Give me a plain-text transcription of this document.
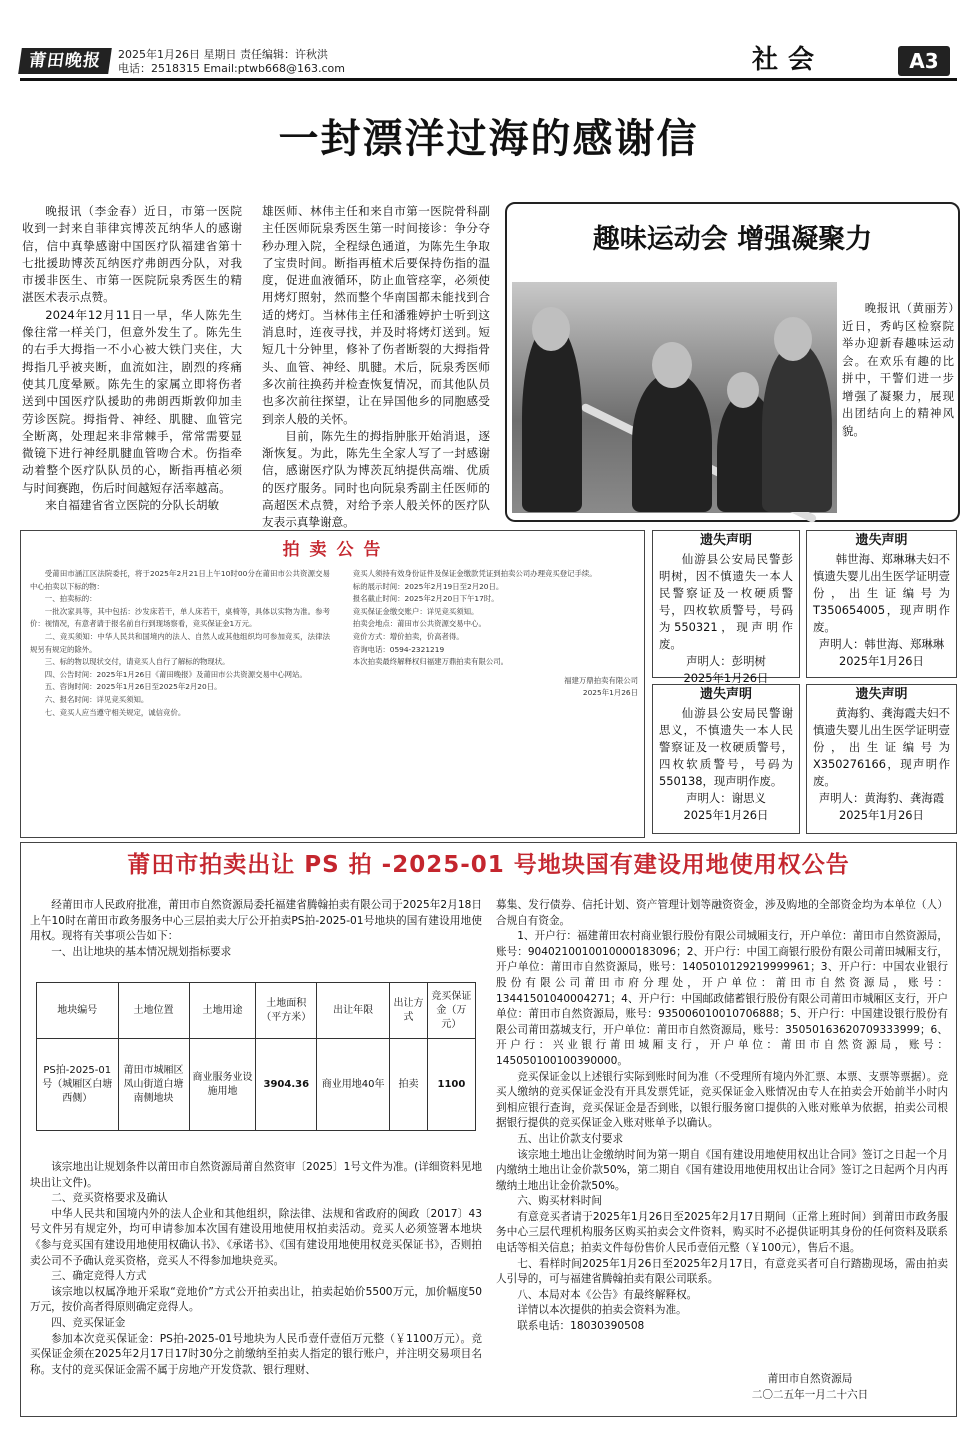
莆田晚报	2025年1月26日 星期日 责任编辑：许秋洪
电话：2518315 Email:ptwb668@163.com	社会	A3
一封漂洋过海的感谢信

晚报讯（李金春）近日，市第一医院收到一封来自菲律宾博茨瓦纳华人的感谢信，信中真挚感谢中国医疗队福建省第十七批援助博茨瓦纳医疗弗朗西分队，对我市援非医生、市第一医院阮泉秀医生的精湛医术表示点赞。

2024年12月11日一早，华人陈先生像往常一样关门，但意外发生了。陈先生的右手大拇指一不小心被大铁门夹住，大拇指几乎被夹断，血流如注，剧烈的疼痛使其几度晕厥。陈先生的家属立即将伤者送到中国医疗队援助的弗朗西斯敦仰加圭劳诊医院。拇指骨、神经、肌腱、血管完全断离，处理起来非常棘手，常常需要显微镜下进行神经肌腱血管吻合术。伤指牵动着整个医疗队队员的心，断指再植必须与时间赛跑，伤后时间越短存活率越高。

来自福建省省立医院的分队长胡敏

雄医师、林伟主任和来自市第一医院骨科副主任医师阮泉秀医生第一时间接诊：争分夺秒办理入院，全程绿色通道，为陈先生争取了宝贵时间。断指再植术后要保持伤指的温度，促进血液循环，防止血管痉挛，必须使用烤灯照射，然而整个华南国都未能找到合适的烤灯。当林伟主任和潘雅婷护士听到这消息时，连夜寻找，并及时将烤灯送到。短短几十分钟里，修补了伤者断裂的大拇指骨头、血管、神经、肌腱。术后，阮泉秀医师多次前往换药并检查恢复情况，而其他队员也多次前往探望，让在异国他乡的同胞感受到亲人般的关怀。

目前，陈先生的拇指肿胀开始消退，逐渐恢复。为此，陈先生全家人写了一封感谢信，感谢医疗队为博茨瓦纳提供高端、优质的医疗服务。同时也向阮泉秀副主任医师的高超医术点赞，对给予亲人般关怀的医疗队友表示真挚谢意。

趣味运动会 增强凝聚力

晚报讯（黄丽芳）近日，秀屿区检察院举办迎新春趣味运动会。在欢乐有趣的比拼中，干警们进一步增强了凝聚力，展现出团结向上的精神风貌。

拍 卖 公 告

受莆田市涵江区法院委托，将于2025年2月21日上午10时00分在莆田市公共资源交易中心拍卖以下标的物：

一、拍卖标的：

一批次家具等，其中包括：沙发床若干，单人床若干，桌椅等，具体以实物为准。参考价：视情况，有意者请于报名前自行到现场察看，竞买保证金1万元。

二、竞买须知：中华人民共和国境内的法人、自然人或其他组织均可参加竞买，法律法规另有规定的除外。

三、标的物以现状交付，请竞买人自行了解标的物现状。

四、公告时间：2025年1月26日《莆田晚报》及莆田市公共资源交易中心网站。

五、咨询时间：2025年1月26日至2025年2月20日。

六、报名时间：详见竞买须知。

七、竞买人应当遵守相关规定，诚信竞价。

竞买人须持有效身份证件及保证金缴款凭证到拍卖公司办理竞买登记手续。

标的展示时间：2025年2月19日至2月20日。

报名截止时间：2025年2月20日下午17时。

竞买保证金缴交账户：详见竞买须知。

拍卖会地点：莆田市公共资源交易中心。

竞价方式：增价拍卖，价高者得。

咨询电话：0594-2321219

本次拍卖最终解释权归福建万鼎拍卖有限公司。

福建万鼎拍卖有限公司
2025年1月26日
遗失声明
仙游县公安局民警彭明树，因不慎遗失一本人民警察证及一枚硬质警号，四枚软质警号，号码为550321，现声明作废。
声明人：彭明树
2025年1月26日
遗失声明
韩世海、郑琳琳夫妇不慎遗失婴儿出生医学证明壹份，出生证编号为T350654005，现声明作废。
声明人：韩世海、郑琳琳
2025年1月26日
遗失声明
仙游县公安局民警谢思义，不慎遗失一本人民警察证及一枚硬质警号，四枚软质警号，号码为550138，现声明作废。
声明人：谢思义
2025年1月26日
遗失声明
黄海豹、龚海霞夫妇不慎遗失婴儿出生医学证明壹份，出生证编号为X350276166，现声明作废。
声明人：黄海豹、龚海霞
2025年1月26日
莆田市拍卖出让 PS 拍 -2025-01 号地块国有建设用地使用权公告

经莆田市人民政府批准，莆田市自然资源局委托福建省腾翰拍卖有限公司于2025年2月18日上午10时在莆田市政务服务中心三层拍卖大厅公开拍卖PS拍-2025-01号地块的国有建设用地使用权。现将有关事项公告如下：

一、出让地块的基本情况规划指标要求

地块编号	土地位置	土地用途	土地面积（平方米）	出让年限	出让方式	竞买保证金（万元）
PS拍-2025-01号（城厢区白塘西侧）	莆田市城厢区凤山街道白塘南侧地块	商业服务业设施用地	3904.36	商业用地40年	拍卖	1100

该宗地出让规划条件以莆田市自然资源局莆自然资审〔2025〕1号文件为准。(详细资料见地块出让文件)。

二、竞买资格要求及确认

中华人民共和国境内外的法人企业和其他组织，除法律、法规和省政府的闽政〔2017〕43号文件另有规定外，均可申请参加本次国有建设用地使用权拍卖活动。竞买人必须签署本地块《参与竞买国有建设用地使用权确认书》、《承诺书》、《国有建设用地使用权竞买保证书》，否则拍卖公司不予确认竞买资格，竞买人不得参加地块竞买。

三、确定竞得人方式

该宗地以权属净地开采取“竞地价”方式公开拍卖出让，拍卖起始价5500万元，加价幅度50万元，按价高者得原则确定竞得人。

四、竞买保证金

参加本次竞买保证金：PS拍-2025-01号地块为人民币壹仟壹佰万元整（￥1100万元）。竞买保证金须在2025年2月17日17时30分之前缴纳至拍卖人指定的银行账户，并注明交易项目名称。支付的竞买保证金需不属于房地产开发贷款、银行理财、

募集、发行债券、信托计划、资产管理计划等融资资金，涉及购地的全部资金均为本单位（人）合规自有资金。

1、开户行：福建莆田农村商业银行股份有限公司城厢支行，开户单位：莆田市自然资源局，账号：9040210010010000183096；2、开户行：中国工商银行股份有限公司莆田城厢支行，开户单位：莆田市自然资源局，账号：1405010129219999961；3、开户行：中国农业银行股份有限公司莆田市府分理处，开户单位：莆田市自然资源局，账号：13441501040004271；4、开户行：中国邮政储蓄银行股份有限公司莆田市城厢区支行，开户单位：莆田市自然资源局，账号：935006010010706888；5、开户行：中国建设银行股份有限公司莆田荔城支行，开户单位：莆田市自然资源局，账号：35050163620709333999；6、开户行：兴业银行莆田城厢支行，开户单位：莆田市自然资源局，账号：145050100100390000。

竞买保证金以上述银行实际到账时间为准（不受理所有境内外汇票、本票、支票等票据）。竞买人缴纳的竞买保证金没有开具发票凭证，竞买保证金入账情况由专人在拍卖会开始前半小时内到相应银行查询，竞买保证金是否到账，以银行服务窗口提供的入账对账单为依据，拍卖公司根据银行提供的竞买保证金入账对账单予以确认。

五、出让价款支付要求

该宗地土地出让金缴纳时间为第一期自《国有建设用地使用权出让合同》签订之日起一个月内缴纳土地出让金价款50%，第二期自《国有建设用地使用权出让合同》签订之日起两个月内再缴纳土地出让金价款50%。

六、购买材料时间

有意竞买者请于2025年1月26日至2025年2月17日期间（正常上班时间）到莆田市政务服务中心三层代理机构服务区购买拍卖会文件资料，购买时不必提供证明其身份的任何资料及联系电话等相关信息；拍卖文件每份售价人民币壹佰元整（￥100元），售后不退。

七、看样时间2025年1月26日至2025年2月17日，有意竞买者可自行踏勘现场，需由拍卖人引导的，可与福建省腾翰拍卖有限公司联系。

八、本局对本《公告》有最终解释权。

详情以本次提供的拍卖会资料为准。

联系电话：18030390508

莆田市自然资源局
二〇二五年一月二十六日
